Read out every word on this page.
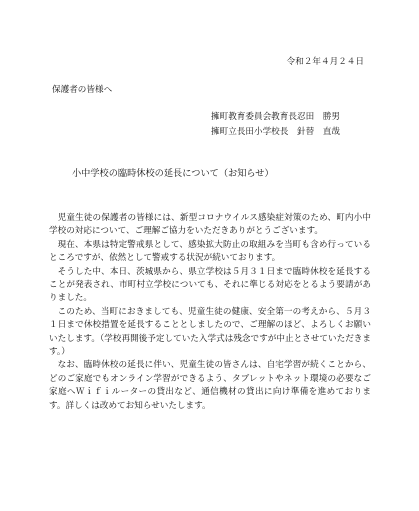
令和２年４月２４日
保護者の皆様へ
擁町教育委員会教育長忍田　勝男
擁町立長田小学校長 針替　直哉
小中学校の臨時休校の延長について（お知らせ）

児童生徒の保護者の皆様には、新型コロナウイルス感染症対策のため、町内小中学校の対応について、ご理解ご協力をいただきありがとうございます。

現在、本県は特定警戒県として、感染拡大防止の取組みを当町も含め行っているところですが、依然として警戒する状況が続いております。

そうした中、本日、茨城県から、県立学校は５月３１日まで臨時休校を延長することが発表され、市町村立学校についても、それに準じる対応をとるよう要請がありました。

このため、当町におきましても、児童生徒の健康、安全第一の考えから、５月３１日まで休校措置を延長することとしましたので、ご理解のほど、よろしくお願いいたします。（学校再開後予定していた入学式は残念ですが中止とさせていただきます。）

なお、臨時休校の延長に伴い、児童生徒の皆さんは、自宅学習が続くことから、どのご家庭でもオンライン学習ができるよう、タブレットやネット環境の必要なご家庭へＷｉｆｉルーターの貸出など、通信機材の貸出に向け準備を進めております。詳しくは改めてお知らせいたします。
